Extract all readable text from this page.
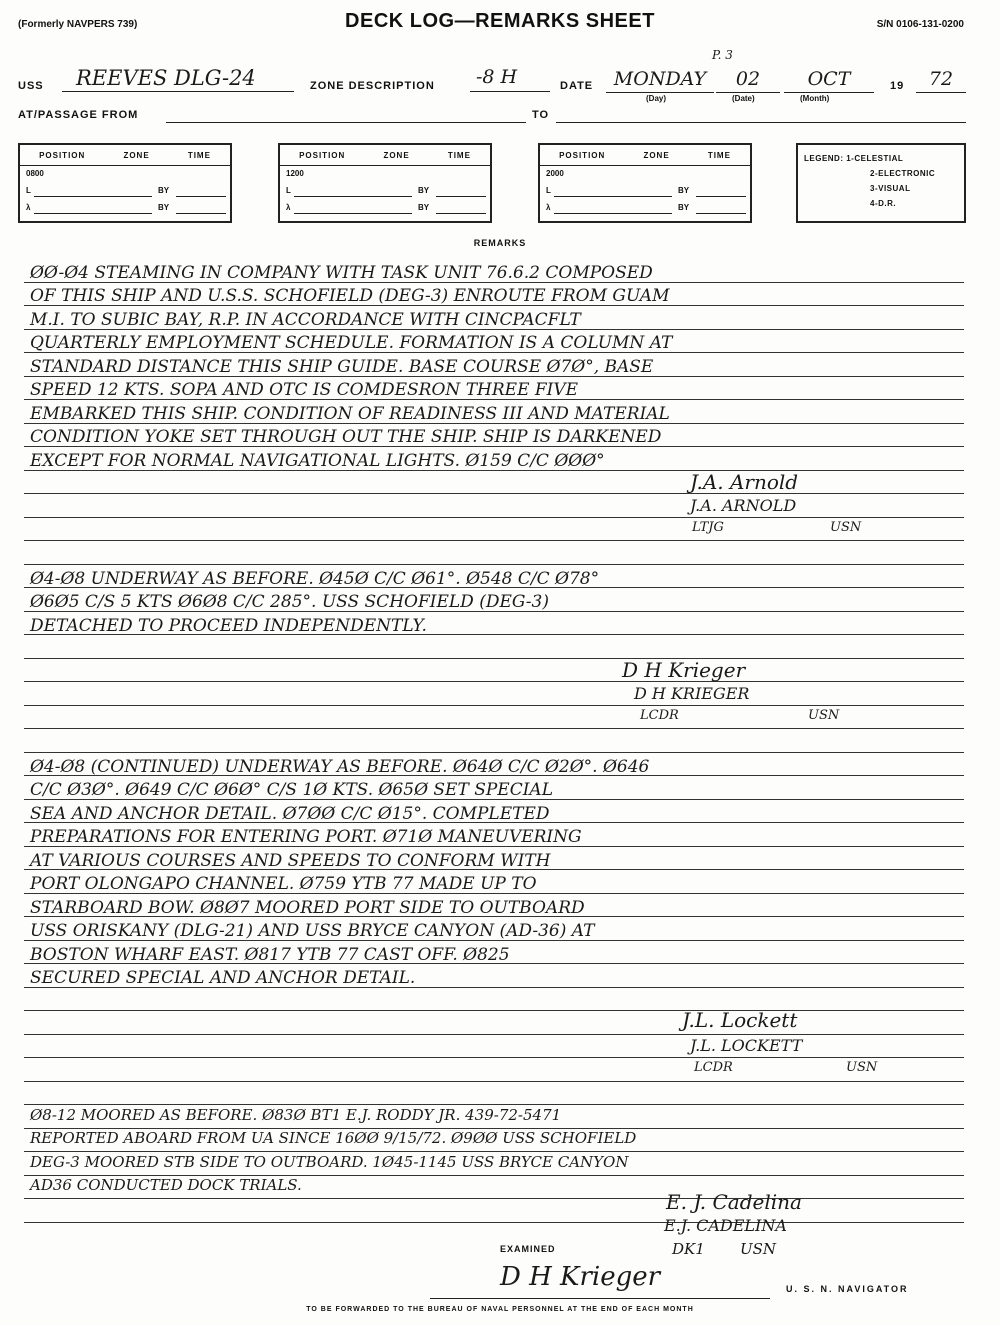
(Formerly NAVPERS 739)	DECK LOG—REMARKS SHEET	S/N 0106-131-0200
USS	REEVES DLG-24	ZONE DESCRIPTION	-8 H	DATE	MONDAY
P. 3
02	OCT	19	72
(Day)	(Date)	(Month)
AT/PASSAGE FROM	TO
POSITION	ZONE	TIME
0800
L	BY
λ	BY
POSITION	ZONE	TIME
1200
L	BY
λ	BY
POSITION	ZONE	TIME
2000
L	BY
λ	BY
LEGEND: 1-CELESTIAL
2-ELECTRONIC
3-VISUAL
4-D.R.
REMARKS
ØØ-Ø4 STEAMING IN COMPANY WITH TASK UNIT 76.6.2 COMPOSED
OF THIS SHIP AND U.S.S. SCHOFIELD (DEG-3) ENROUTE FROM GUAM
M.I. TO SUBIC BAY, R.P. IN ACCORDANCE WITH CINCPACFLT
QUARTERLY EMPLOYMENT SCHEDULE. FORMATION IS A COLUMN AT
STANDARD DISTANCE THIS SHIP GUIDE. BASE COURSE Ø7Ø°, BASE
SPEED 12 KTS. SOPA AND OTC IS COMDESRON THREE FIVE
EMBARKED THIS SHIP. CONDITION OF READINESS III AND MATERIAL
CONDITION YOKE SET THROUGH OUT THE SHIP. SHIP IS DARKENED
EXCEPT FOR NORMAL NAVIGATIONAL LIGHTS. Ø159 C/C ØØØ°
J.A. Arnold
J.A. ARNOLD
LTJG	USN
Ø4-Ø8 UNDERWAY AS BEFORE. Ø45Ø C/C Ø61°. Ø548 C/C Ø78°
Ø6Ø5 C/S 5 KTS Ø6Ø8 C/C 285°. USS SCHOFIELD (DEG-3)
DETACHED TO PROCEED INDEPENDENTLY.
D H Krieger
D H KRIEGER
LCDR	USN
Ø4-Ø8 (CONTINUED) UNDERWAY AS BEFORE. Ø64Ø C/C Ø2Ø°. Ø646
C/C Ø3Ø°. Ø649 C/C Ø6Ø° C/S 1Ø KTS. Ø65Ø SET SPECIAL
SEA AND ANCHOR DETAIL. Ø7ØØ C/C Ø15°. COMPLETED
PREPARATIONS FOR ENTERING PORT. Ø71Ø MANEUVERING
AT VARIOUS COURSES AND SPEEDS TO CONFORM WITH
PORT OLONGAPO CHANNEL. Ø759 YTB 77 MADE UP TO
STARBOARD BOW. Ø8Ø7 MOORED PORT SIDE TO OUTBOARD
USS ORISKANY (DLG-21) AND USS BRYCE CANYON (AD-36) AT
BOSTON WHARF EAST. Ø817 YTB 77 CAST OFF. Ø825
SECURED SPECIAL AND ANCHOR DETAIL.
J.L. Lockett
J.L. LOCKETT
LCDR	USN
Ø8-12 MOORED AS BEFORE. Ø83Ø BT1 E.J. RODDY JR. 439-72-5471
REPORTED ABOARD FROM UA SINCE 16ØØ 9/15/72. Ø9ØØ USS SCHOFIELD
DEG-3 MOORED STB SIDE TO OUTBOARD. 1Ø45-1145 USS BRYCE CANYON
AD36 CONDUCTED DOCK TRIALS.
E. J. Cadelina
E.J. CADELINA
DK1 USN
EXAMINED
D H Krieger	U. S. N. NAVIGATOR
TO BE FORWARDED TO THE BUREAU OF NAVAL PERSONNEL AT THE END OF EACH MONTH
